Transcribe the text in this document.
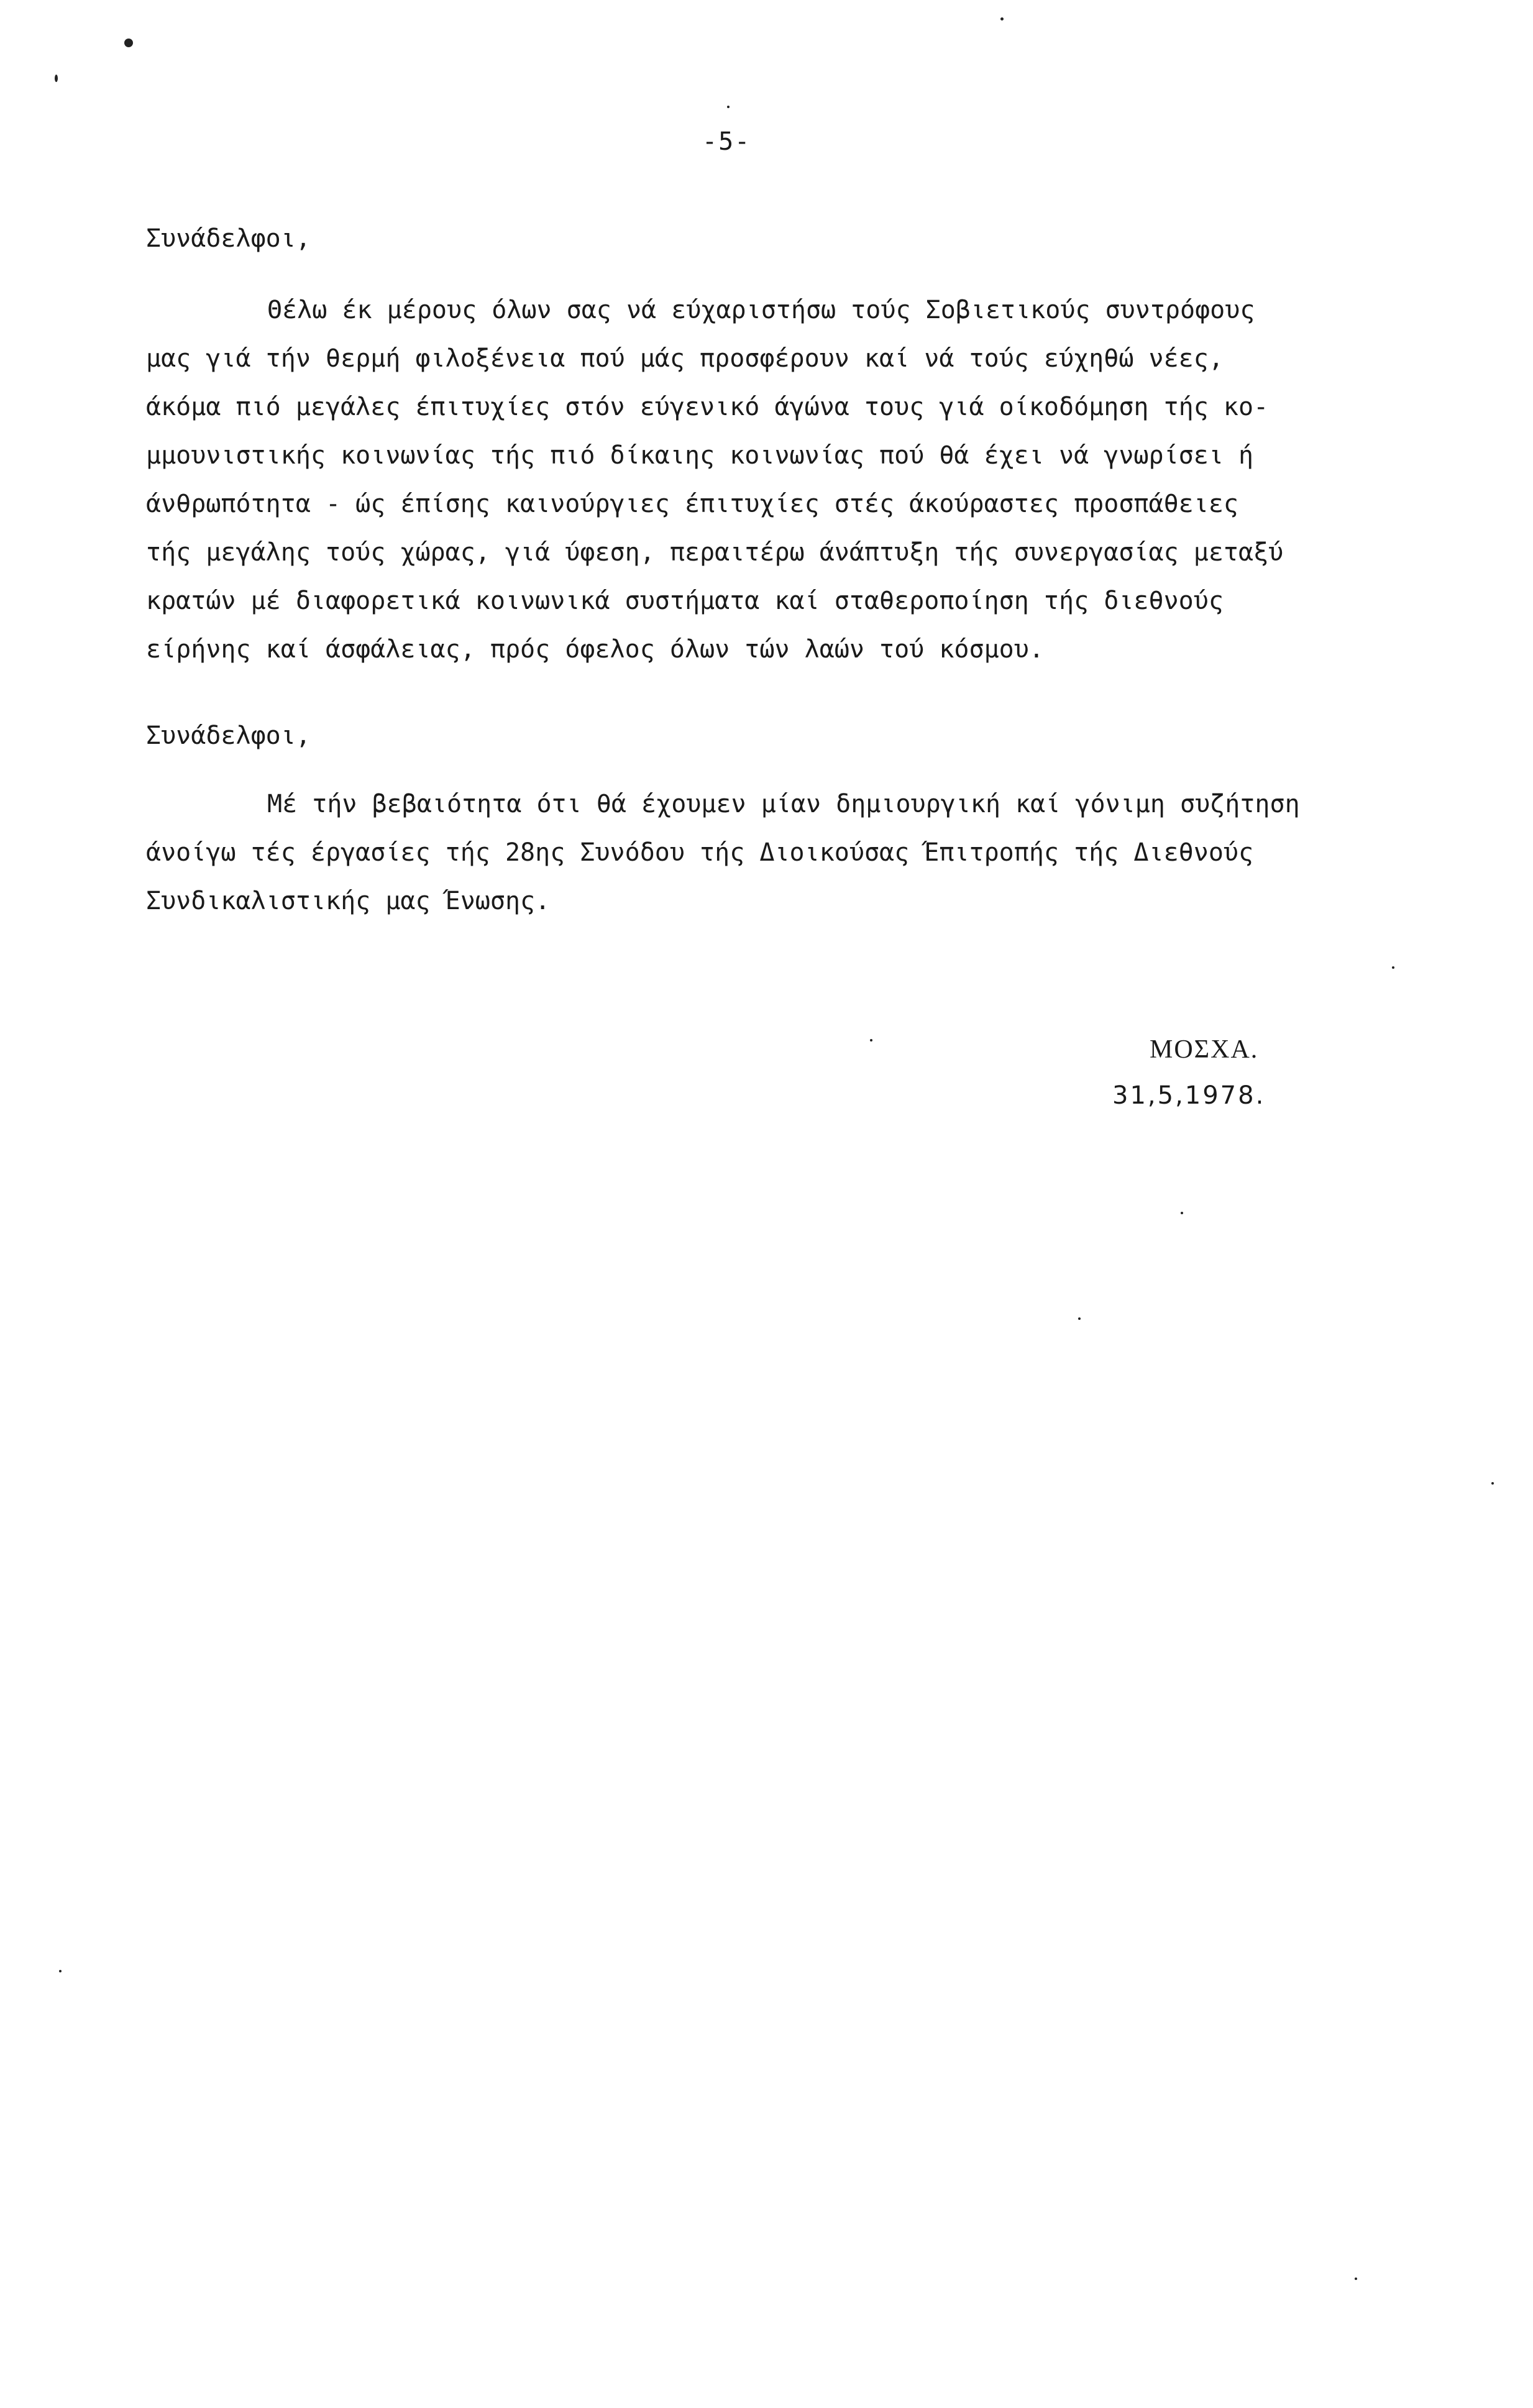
-5-
Συνάδελφοι,
Θέλω έκ μέρους όλων σας νά εύχαριστήσω τούς Σοβιετικούς συντρόφους
μας γιά τήν θερμή φιλοξένεια πού μάς προσφέρουν καί νά τούς εύχηθώ νέες,
άκόμα πιό μεγάλες έπιτυχίες στόν εύγενικό άγώνα τους γιά οίκοδόμηση τής κο-
μμουνιστικής κοινωνίας τής πιό δίκαιης κοινωνίας πού θά έχει νά γνωρίσει ή
άνθρωπότητα - ώς έπίσης καινούργιες έπιτυχίες στές άκούραστες προσπάθειες
τής μεγάλης τούς χώρας, γιά ύφεση, περαιτέρω άνάπτυξη τής συνεργασίας μεταξύ
κρατών μέ διαφορετικά κοινωνικά συστήματα καί σταθεροποίηση τής διεθνούς
είρήνης καί άσφάλειας, πρός όφελος όλων τών λαών τού κόσμου.
Συνάδελφοι,
Μέ τήν βεβαιότητα ότι θά έχουμεν μίαν δημιουργική καί γόνιμη συζήτηση
άνοίγω τές έργασίες τής 28ης Συνόδου τής Διοικούσας Έπιτροπής τής Διεθνούς
Συνδικαλιστικής μας Ένωσης.
ΜΟΣΧΑ.
31,5,1978.
